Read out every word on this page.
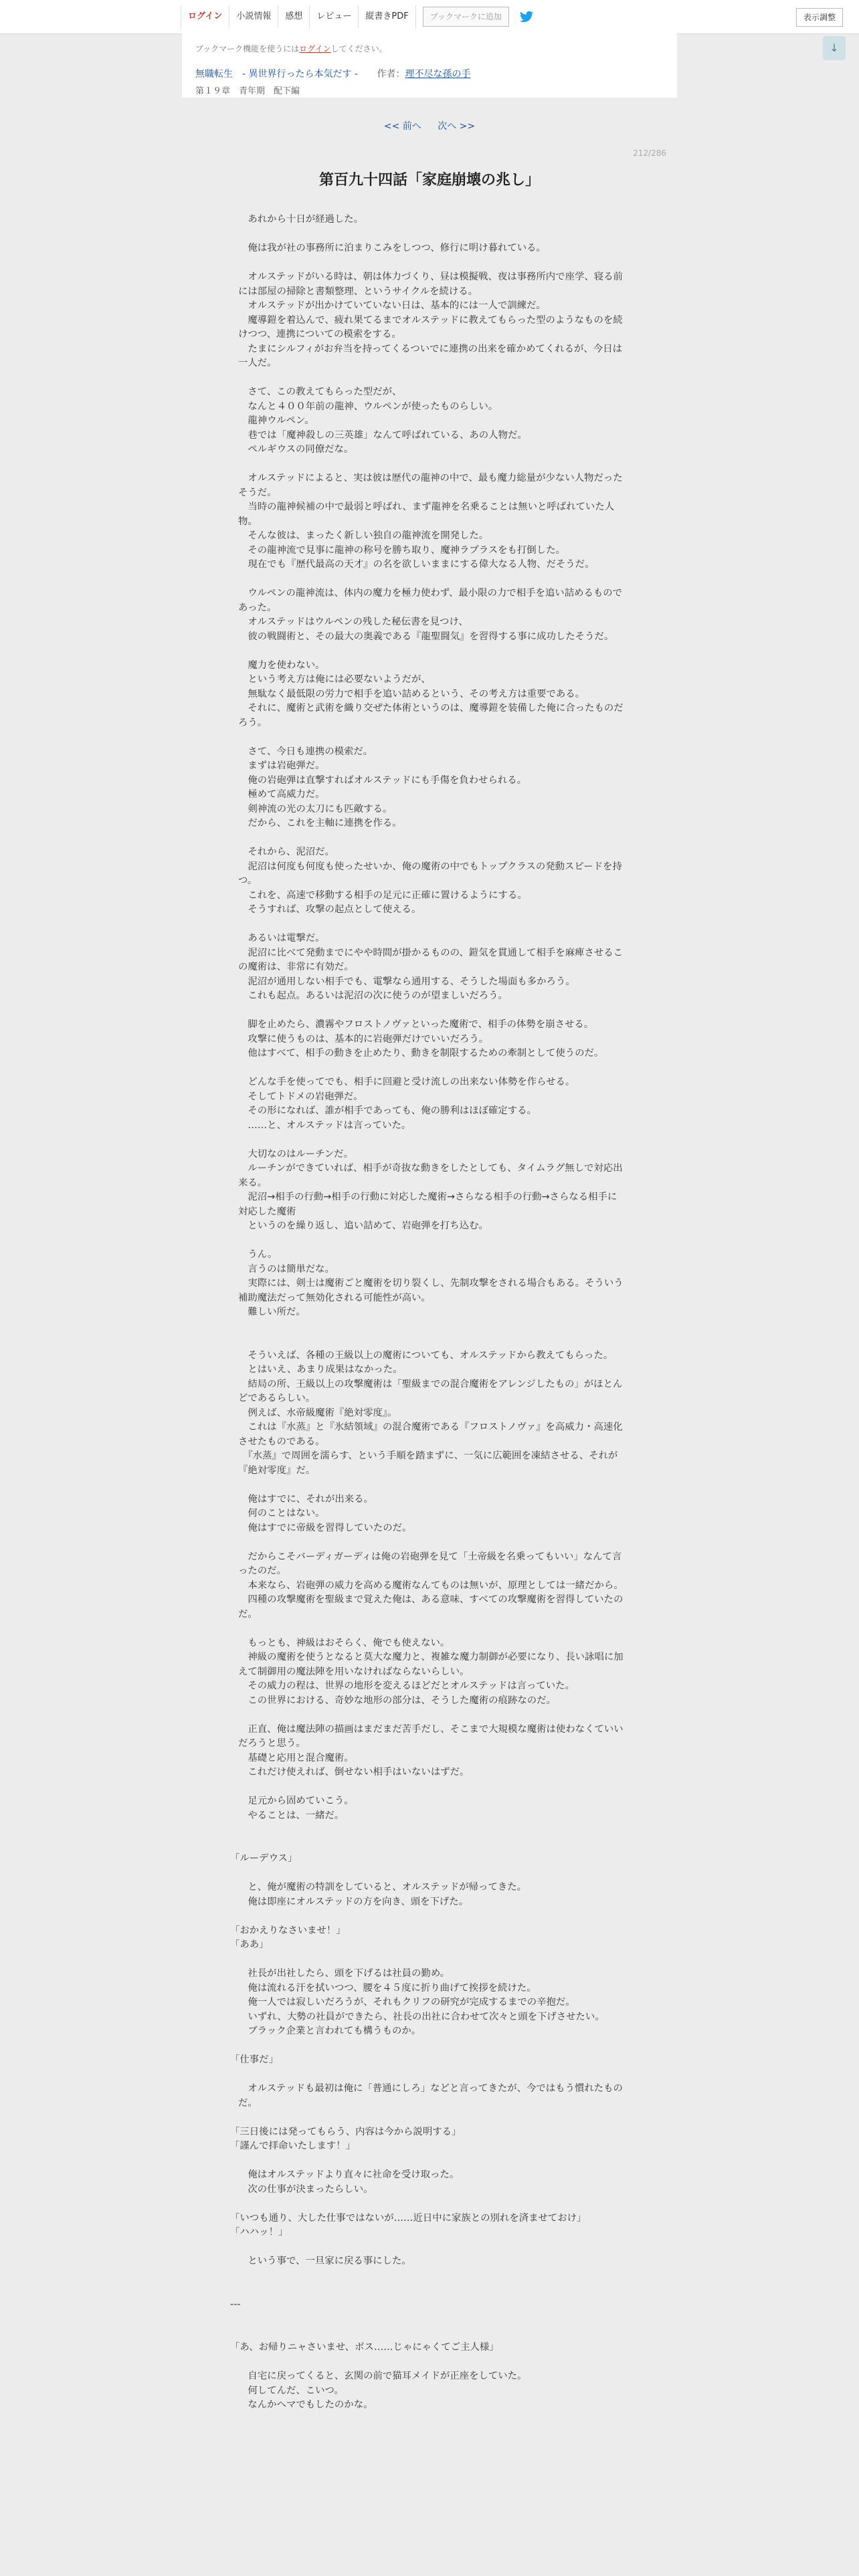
ログイン	小説情報	感想	レビュー	縦書きPDF	ブックマークに追加	表示調整
↓
ブックマーク機能を使うにはログインしてください。
無職転生　- 異世界行ったら本気だす - 作者：理不尽な孫の手
第１９章　青年期　配下編
<< 前へ 次へ >>
212/286
第百九十四話「家庭崩壊の兆し」

　あれから十日が経過した。

　俺は我が社の事務所に泊まりこみをしつつ、修行に明け暮れている。

　オルステッドがいる時は、朝は体力づくり、昼は模擬戦、夜は事務所内で座学、寝る前には部屋の掃除と書類整理、というサイクルを続ける。

　オルステッドが出かけていていない日は、基本的には一人で訓練だ。

　魔導鎧を着込んで、疲れ果てるまでオルステッドに教えてもらった型のようなものを続けつつ、連携についての模索をする。

　たまにシルフィがお弁当を持ってくるついでに連携の出来を確かめてくれるが、今日は一人だ。

　さて、この教えてもらった型だが、

　なんと４００年前の龍神、ウルペンが使ったものらしい。

　龍神ウルペン。

　巷では「魔神殺しの三英雄」なんて呼ばれている、あの人物だ。

　ペルギウスの同僚だな。

　オルステッドによると、実は彼は歴代の龍神の中で、最も魔力総量が少ない人物だったそうだ。

　当時の龍神候補の中で最弱と呼ばれ、まず龍神を名乗ることは無いと呼ばれていた人物。

　そんな彼は、まったく新しい独自の龍神流を開発した。

　その龍神流で見事に龍神の称号を勝ち取り、魔神ラプラスをも打倒した。

　現在でも『歴代最高の天才』の名を欲しいままにする偉大なる人物、だそうだ。

　ウルペンの龍神流は、体内の魔力を極力使わず、最小限の力で相手を追い詰めるものであった。

　オルステッドはウルペンの残した秘伝書を見つけ、

　彼の戦闘術と、その最大の奥義である『龍聖闘気』を習得する事に成功したそうだ。

　魔力を使わない。

　という考え方は俺には必要ないようだが、

　無駄なく最低限の労力で相手を追い詰めるという、その考え方は重要である。

　それに、魔術と武術を織り交ぜた体術というのは、魔導鎧を装備した俺に合ったものだろう。

　さて、今日も連携の模索だ。

　まずは岩砲弾だ。

　俺の岩砲弾は直撃すればオルステッドにも手傷を負わせられる。

　極めて高威力だ。

　剣神流の光の太刀にも匹敵する。

　だから、これを主軸に連携を作る。

　それから、泥沼だ。

　泥沼は何度も何度も使ったせいか、俺の魔術の中でもトップクラスの発動スピードを持つ。

　これを、高速で移動する相手の足元に正確に置けるようにする。

　そうすれば、攻撃の起点として使える。

　あるいは電撃だ。

　泥沼に比べて発動までにやや時間が掛かるものの、鎧気を貫通して相手を麻痺させるこの魔術は、非常に有効だ。

　泥沼が通用しない相手でも、電撃なら通用する、そうした場面も多かろう。

　これも起点。あるいは泥沼の次に使うのが望ましいだろう。

　脚を止めたら、濃霧やフロストノヴァといった魔術で、相手の体勢を崩させる。

　攻撃に使うものは、基本的に岩砲弾だけでいいだろう。

　他はすべて、相手の動きを止めたり、動きを制限するための牽制として使うのだ。

　どんな手を使ってでも、相手に回避と受け流しの出来ない体勢を作らせる。

　そしてトドメの岩砲弾だ。

　その形になれば、誰が相手であっても、俺の勝利はほぼ確定する。

　……と、オルステッドは言っていた。

　大切なのはルーチンだ。

　ルーチンができていれば、相手が奇抜な動きをしたとしても、タイムラグ無しで対応出来る。

　泥沼→相手の行動→相手の行動に対応した魔術→さらなる相手の行動→さらなる相手に対応した魔術

　というのを繰り返し、追い詰めて、岩砲弾を打ち込む。

　うん。

　言うのは簡単だな。

　実際には、剣士は魔術ごと魔術を切り裂くし、先制攻撃をされる場合もある。そういう補助魔法だって無効化される可能性が高い。

　難しい所だ。

　そういえば、各種の王級以上の魔術についても、オルステッドから教えてもらった。

　とはいえ、あまり成果はなかった。

　結局の所、王級以上の攻撃魔術は「聖級までの混合魔術をアレンジしたもの」がほとんどであるらしい。

　例えば、水帝級魔術『絶対零度』。

　これは『水蒸』と『氷結領域』の混合魔術である『フロストノヴァ』を高威力・高速化させたものである。

　『水蒸』で周囲を濡らす、という手順を踏まずに、一気に広範囲を凍結させる、それが『絶対零度』だ。

　俺はすでに、それが出来る。

　何のことはない。

　俺はすでに帝級を習得していたのだ。

　だからこそバーディガーディは俺の岩砲弾を見て「土帝級を名乗ってもいい」なんて言ったのだ。

　本来なら、岩砲弾の威力を高める魔術なんてものは無いが、原理としては一緒だから。

　四種の攻撃魔術を聖級まで覚えた俺は、ある意味、すべての攻撃魔術を習得していたのだ。

　もっとも、神級はおそらく、俺でも使えない。

　神級の魔術を使うとなると莫大な魔力と、複雑な魔力制御が必要になり、長い詠唱に加えて制御用の魔法陣を用いなければならないらしい。

　その威力の程は、世界の地形を変えるほどだとオルステッドは言っていた。

　この世界における、奇妙な地形の部分は、そうした魔術の痕跡なのだ。

　正直、俺は魔法陣の描画はまだまだ苦手だし、そこまで大規模な魔術は使わなくていいだろうと思う。

　基礎と応用と混合魔術。

　これだけ使えれば、倒せない相手はいないはずだ。

　足元から固めていこう。

　やることは、一緒だ。

「ルーデウス」

　と、俺が魔術の特訓をしていると、オルステッドが帰ってきた。

　俺は即座にオルステッドの方を向き、頭を下げた。

「おかえりなさいませ！」

「ああ」

　社長が出社したら、頭を下げるは社員の勤め。

　俺は流れる汗を拭いつつ、腰を４５度に折り曲げて挨拶を続けた。

　俺一人では寂しいだろうが、それもクリフの研究が完成するまでの辛抱だ。

　いずれ、大勢の社員ができたら、社長の出社に合わせて次々と頭を下げさせたい。

　ブラック企業と言われても構うものか。

「仕事だ」

　オルステッドも最初は俺に「普通にしろ」などと言ってきたが、今ではもう慣れたものだ。

「三日後には発ってもらう、内容は今から説明する」

「謹んで拝命いたします！」

　俺はオルステッドより直々に社命を受け取った。

　次の仕事が決まったらしい。

「いつも通り、大した仕事ではないが……近日中に家族との別れを済ませておけ」

「ハハッ！」

　という事で、一旦家に戻る事にした。

---

「あ、お帰りニャさいませ、ボス……じゃにゃくてご主人様」

　自宅に戻ってくると、玄関の前で猫耳メイドが正座をしていた。

　何してんだ、こいつ。

　なんかヘマでもしたのかな。
